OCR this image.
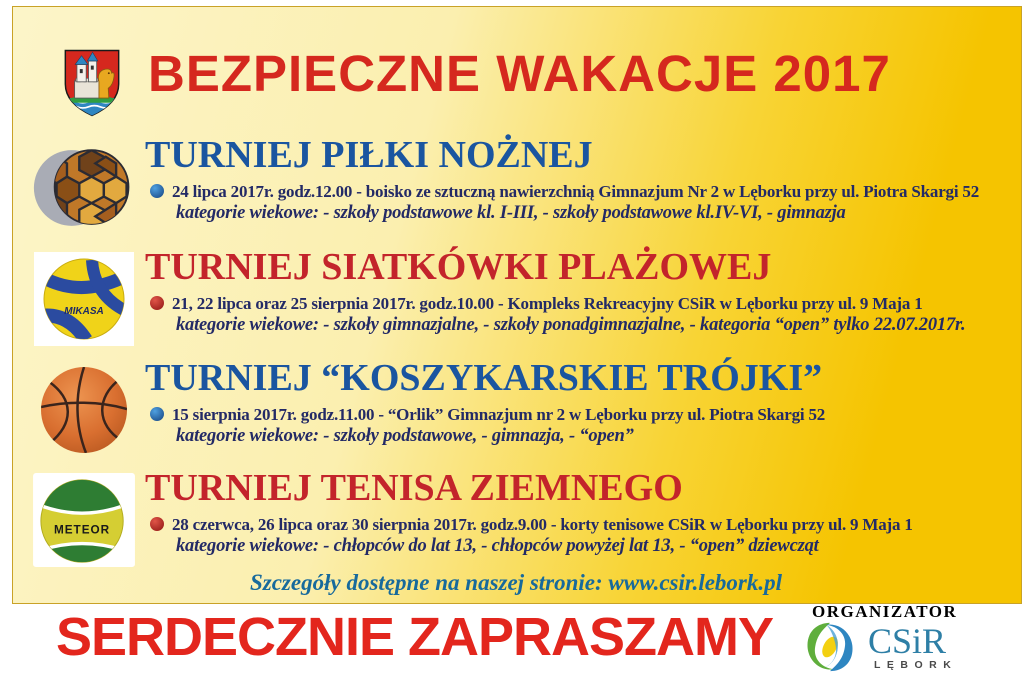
BEZPIECZNE WAKACJE 2017
TURNIEJ PIŁKI NOŻNEJ
24 lipca 2017r. godz.12.00 - boisko ze sztuczną nawierzchnią Gimnazjum Nr 2 w Lęborku przy ul. Piotra Skargi 52
kategorie wiekowe: - szkoły podstawowe kl. I-III, - szkoły podstawowe kl.IV-VI, - gimnazja
MIKASA
TURNIEJ SIATKÓWKI PLAŻOWEJ
21, 22 lipca oraz 25 sierpnia 2017r. godz.10.00 - Kompleks Rekreacyjny CSiR w Lęborku przy ul. 9 Maja 1
kategorie wiekowe: - szkoły gimnazjalne, - szkoły ponadgimnazjalne, - kategoria “open” tylko 22.07.2017r.
TURNIEJ “KOSZYKARSKIE TRÓJKI”
15 sierpnia 2017r. godz.11.00 - “Orlik” Gimnazjum nr 2 w Lęborku przy ul. Piotra Skargi 52
kategorie wiekowe: - szkoły podstawowe, - gimnazja, - “open”
METEOR
TURNIEJ TENISA ZIEMNEGO
28 czerwca, 26 lipca oraz 30 sierpnia 2017r. godz.9.00 - korty tenisowe CSiR w Lęborku przy ul. 9 Maja 1
kategorie wiekowe: - chłopców do lat 13, - chłopców powyżej lat 13, - “open” dziewcząt
Szczegóły dostępne na naszej stronie: www.csir.lebork.pl
SERDECZNIE ZAPRASZAMY ORGANIZATOR
CSiR
LĘBORK
